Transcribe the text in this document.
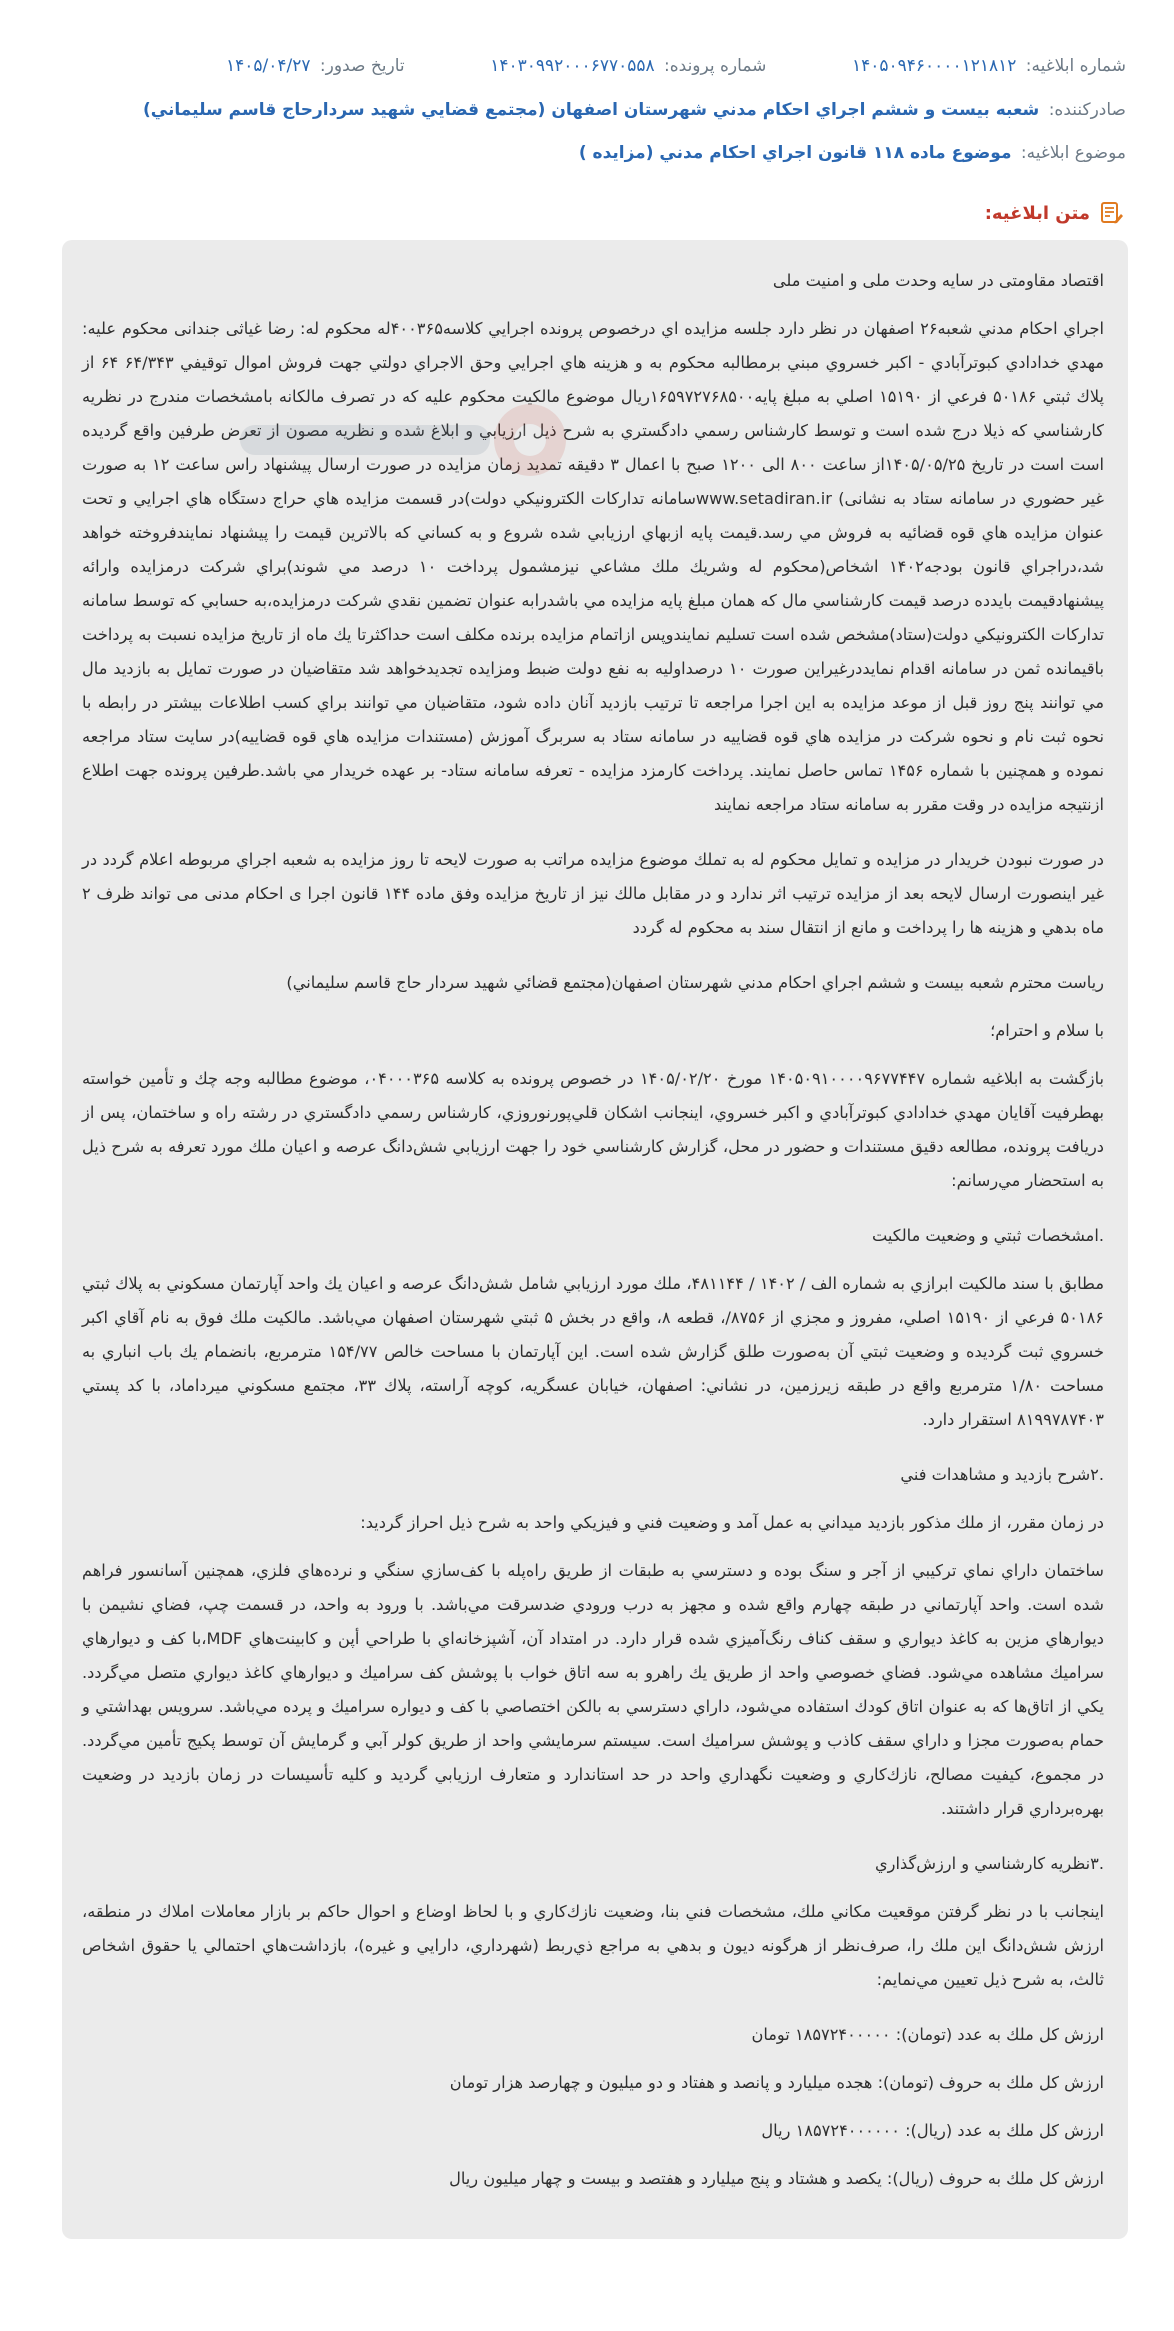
شماره ابلاغیه: ۱۴۰۵۰۹۴۶۰۰۰۰۱۲۱۸۱۲
شماره پرونده: ۱۴۰۳۰۹۹۲۰۰۰۶۷۷۰۵۵۸
تاریخ صدور: ۱۴۰۵/۰۴/۲۷
صادرکننده: شعبه بیست و ششم اجراي احكام مدني شهرستان اصفهان (مجتمع قضايي شهيد سردارحاج قاسم سليماني)
موضوع ابلاغیه: موضوع ماده ۱۱۸ قانون اجراي احكام مدني (مزايده )
متن ابلاغیه:

اقتصاد مقاومتی در سایه وحدت ملی و امنیت ملی

اجراي احكام مدني شعبه۲۶ اصفهان در نظر دارد جلسه مزايده اي درخصوص پرونده اجرايي كلاسه۴۰۰۳۶۵له محکوم له: رضا غیاثی جندانی محکوم علیه: مهدي خدادادي كبوترآبادي - اكبر خسروي مبني برمطالبه محكوم به و هزينه هاي اجرايي وحق الاجراي دولتي جهت فروش اموال توقيفي ۶۴/۳۴۳ ۶۴ از پلاك ثبتي ۵۰۱۸۶ فرعي از ۱۵۱۹۰ اصلي به مبلغ پايه۱۶۵۹۷۲۷۶۸۵۰۰ريال موضوع مالكيت محكوم عليه كه در تصرف مالكانه بامشخصات مندرج در نظريه كارشناسي كه ذيلا درج شده است و توسط كارشناس رسمي دادگستري به شرح ذيل ارزيابي و ابلاغ شده و نظريه مصون از تعرض طرفين واقع گرديده است است در تاريخ ۱۴۰۵/۰۵/۲۵از ساعت ۸۰۰ الی ۱۲۰۰ صبح با اعمال ۳ دقیقه تمدید زمان مزایده در صورت ارسال پیشنهاد راس ساعت ۱۲ به صورت غير حضوري در سامانه ستاد به نشانی) www.setadiran.irسامانه تداركات الكترونيكي دولت)در قسمت مزايده هاي حراج دستگاه هاي اجرايي و تحت عنوان مزايده هاي قوه قضائيه به فروش مي رسد.قيمت پايه ازبهاي ارزيابي شده شروع و به كساني كه بالاترين قيمت را پيشنهاد نمايندفروخته خواهد شد،دراجراي قانون بودجه۱۴۰۲ اشخاص(محكوم له وشريك ملك مشاعي نيزمشمول پرداخت ۱۰ درصد مي شوند)براي شركت درمزايده وارائه پيشنهادقيمت بايدده درصد قيمت كارشناسي مال كه همان مبلغ پايه مزايده مي باشدرابه عنوان تضمين نقدي شركت درمزايده،به حسابي كه توسط سامانه تداركات الكترونيكي دولت(ستاد)مشخص شده است تسليم نمايندوپس ازاتمام مزايده برنده مكلف است حداكثرتا يك ماه از تاريخ مزايده نسبت به پرداخت باقيمانده ثمن در سامانه اقدام نمايددرغيراين صورت ۱۰ درصداوليه به نفع دولت ضبط ومزايده تجديدخواهد شد متقاضيان در صورت تمايل به بازديد مال مي توانند پنج روز قبل از موعد مزايده به اين اجرا مراجعه تا ترتيب بازديد آنان داده شود، متقاضيان مي توانند براي كسب اطلاعات بيشتر در رابطه با نحوه ثبت نام و نحوه شركت در مزايده هاي قوه قضاييه در سامانه ستاد به سربرگ آموزش (مستندات مزايده هاي قوه قضاييه)در سايت ستاد مراجعه نموده و همچنين با شماره ۱۴۵۶ تماس حاصل نمايند. پرداخت كارمزد مزايده - تعرفه سامانه ستاد- بر عهده خريدار مي باشد.طرفين پرونده جهت اطلاع ازنتيجه مزايده در وقت مقرر به سامانه ستاد مراجعه نمايند

در صورت نبودن خريدار در مزايده و تمايل محكوم له به تملك موضوع مزايده مراتب به صورت لايحه تا روز مزايده به شعبه اجراي مربوطه اعلام گردد در غير اينصورت ارسال لايحه بعد از مزايده ترتيب اثر ندارد و در مقابل مالك نيز از تاريخ مزايده وفق ماده ۱۴۴ قانون اجرا ی احکام مدنی می تواند ظرف ۲ ماه بدهي و هزينه ها را پرداخت و مانع از انتقال سند به محكوم له گردد

رياست محترم شعبه بيست و ششم اجراي احكام مدني شهرستان اصفهان(مجتمع قضائي شهيد سردار حاج قاسم سليماني)

با سلام و احترام؛

بازگشت به ابلاغيه شماره ۱۴۰۵۰۹۱۰۰۰۰۹۶۷۷۴۴۷ مورخ ۱۴۰۵/۰۲/۲۰ در خصوص پرونده به كلاسه ۰۴۰۰۰۳۶۵، موضوع مطالبه وجه چك و تأمين خواسته بهطرفيت آقايان مهدي خدادادي كبوترآبادي و اكبر خسروي، اينجانب اشكان قلي‌پورنوروزي، كارشناس رسمي دادگستري در رشته راه و ساختمان، پس از دريافت پرونده، مطالعه دقيق مستندات و حضور در محل، گزارش كارشناسي خود را جهت ارزيابي شش‌دانگ عرصه و اعيان ملك مورد تعرفه به شرح ذيل به استحضار مي‌رسانم:

.امشخصات ثبتي و وضعيت مالكيت

مطابق با سند مالكيت ابرازي به شماره الف / ۱۴۰۲ / ۴۸۱۱۴۴، ملك مورد ارزيابي شامل شش‌دانگ عرصه و اعيان يك واحد آپارتمان مسكوني به پلاك ثبتي ۵۰۱۸۶ فرعي از ۱۵۱۹۰ اصلي، مفروز و مجزي از ۸۷۵۶/، قطعه ۸، واقع در بخش ۵ ثبتي شهرستان اصفهان مي‌باشد. مالكيت ملك فوق به نام آقاي اكبر خسروي ثبت گرديده و وضعيت ثبتي آن به‌صورت طلق گزارش شده است. اين آپارتمان با مساحت خالص ۱۵۴/۷۷ مترمربع، بانضمام يك باب انباري به مساحت ۱/۸۰ مترمربع واقع در طبقه زيرزمين، در نشاني: اصفهان، خيابان عسگريه، كوچه آراسته، پلاك ۳۳، مجتمع مسكوني ميرداماد، با كد پستي ۸۱۹۹۷۸۷۴۰۳ استقرار دارد.

.۲شرح بازديد و مشاهدات فني

در زمان مقرر، از ملك مذكور بازديد ميداني به عمل آمد و وضعيت فني و فيزيكي واحد به شرح ذيل احراز گرديد:

ساختمان داراي نماي تركيبي از آجر و سنگ بوده و دسترسي به طبقات از طريق راه‌پله با كف‌سازي سنگي و نرده‌هاي فلزي، همچنين آسانسور فراهم شده است. واحد آپارتماني در طبقه چهارم واقع شده و مجهز به درب ورودي ضدسرقت مي‌باشد. با ورود به واحد، در قسمت چپ، فضاي نشيمن با ديوارهاي مزين به كاغذ ديواري و سقف كناف رنگ‌آميزي شده قرار دارد. در امتداد آن، آشپزخانه‌اي با طراحي أپن و كابينت‌هاي MDF،با كف و ديوارهاي سراميك مشاهده مي‌شود. فضاي خصوصي واحد از طريق يك راهرو به سه اتاق خواب با پوشش كف سراميك و ديوارهاي كاغذ ديواري متصل مي‌گردد. يكي از اتاق‌ها كه به عنوان اتاق كودك استفاده مي‌شود، داراي دسترسي به بالكن اختصاصي با كف و ديواره سراميك و پرده مي‌باشد. سرويس بهداشتي و حمام به‌صورت مجزا و داراي سقف كاذب و پوشش سراميك است. سيستم سرمايشي واحد از طريق كولر آبي و گرمايش آن توسط پكيج تأمين مي‌گردد. در مجموع، كيفيت مصالح، نازك‌كاري و وضعيت نگهداري واحد در حد استاندارد و متعارف ارزيابي گرديد و كليه تأسيسات در زمان بازديد در وضعيت بهره‌برداري قرار داشتند.

.۳نظريه كارشناسي و ارزش‌گذاري

اينجانب با در نظر گرفتن موقعيت مكاني ملك، مشخصات فني بنا، وضعيت نازك‌كاري و با لحاظ اوضاع و احوال حاكم بر بازار معاملات املاك در منطقه، ارزش شش‌دانگ اين ملك را، صرف‌نظر از هرگونه ديون و بدهي به مراجع ذي‌ربط (شهرداري، دارايي و غيره)، بازداشت‌هاي احتمالي يا حقوق اشخاص ثالث، به شرح ذيل تعيين مي‌نمايم:

ارزش كل ملك به عدد (تومان): ۱۸۵۷۲۴۰۰۰۰۰ تومان

ارزش كل ملك به حروف (تومان): هجده ميليارد و پانصد و هفتاد و دو ميليون و چهارصد هزار تومان

ارزش كل ملك به عدد (ريال): ۱۸۵۷۲۴۰۰۰۰۰۰ ريال

ارزش كل ملك به حروف (ريال): يكصد و هشتاد و پنج ميليارد و هفتصد و بيست و چهار ميليون ريال
